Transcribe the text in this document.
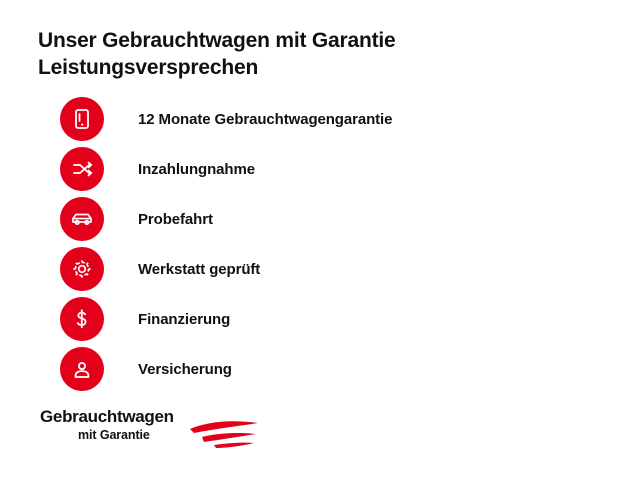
Unser Gebrauchtwagen mit Garantie
Leistungsversprechen
12 Monate Gebrauchtwagengarantie
Inzahlungnahme
Probefahrt
Werkstatt geprüft
Finanzierung
Versicherung
Gebrauchtwagen
mit Garantie
